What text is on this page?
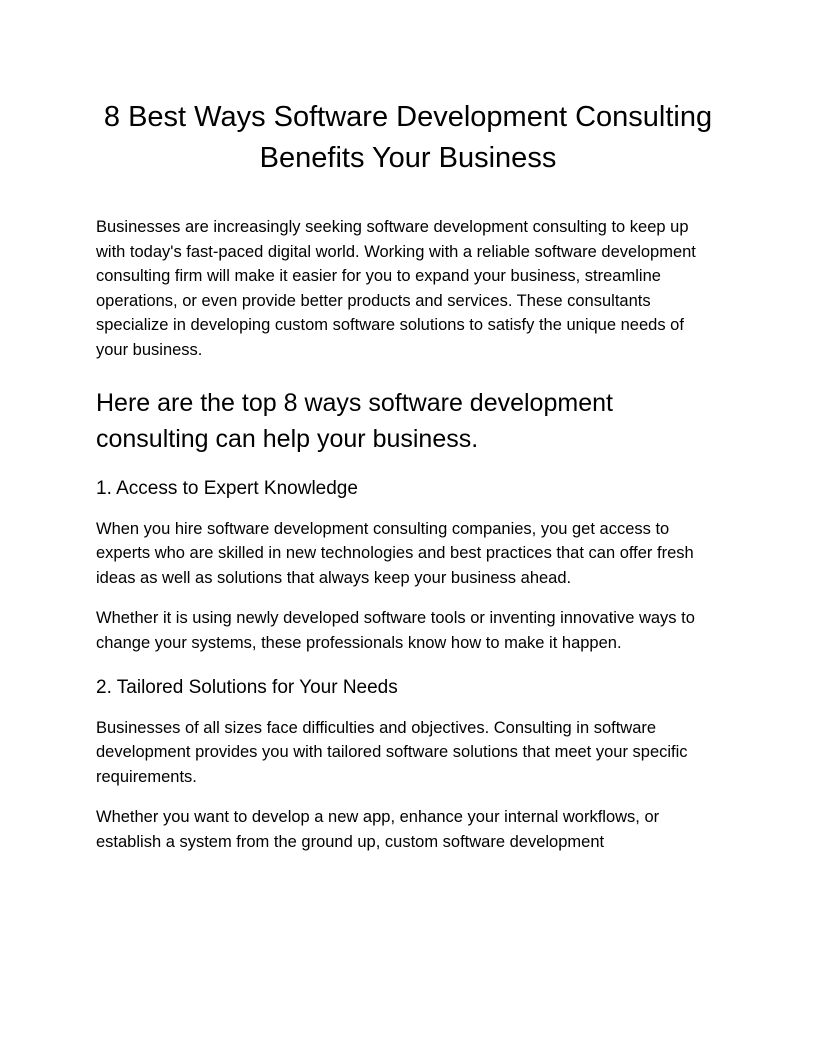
8 Best Ways Software Development Consulting Benefits Your Business

Businesses are increasingly seeking software development consulting to keep up with today's fast-paced digital world. Working with a reliable software development consulting firm will make it easier for you to expand your business, streamline operations, or even provide better products and services. These consultants specialize in developing custom software solutions to satisfy the unique needs of your business.

Here are the top 8 ways software development consulting can help your business.
1. Access to Expert Knowledge

When you hire software development consulting companies, you get access to experts who are skilled in new technologies and best practices that can offer fresh ideas as well as solutions that always keep your business ahead.

Whether it is using newly developed software tools or inventing innovative ways to change your systems, these professionals know how to make it happen.

2. Tailored Solutions for Your Needs

Businesses of all sizes face difficulties and objectives. Consulting in software development provides you with tailored software solutions that meet your specific requirements.

Whether you want to develop a new app, enhance your internal workflows, or establish a system from the ground up, custom software development
